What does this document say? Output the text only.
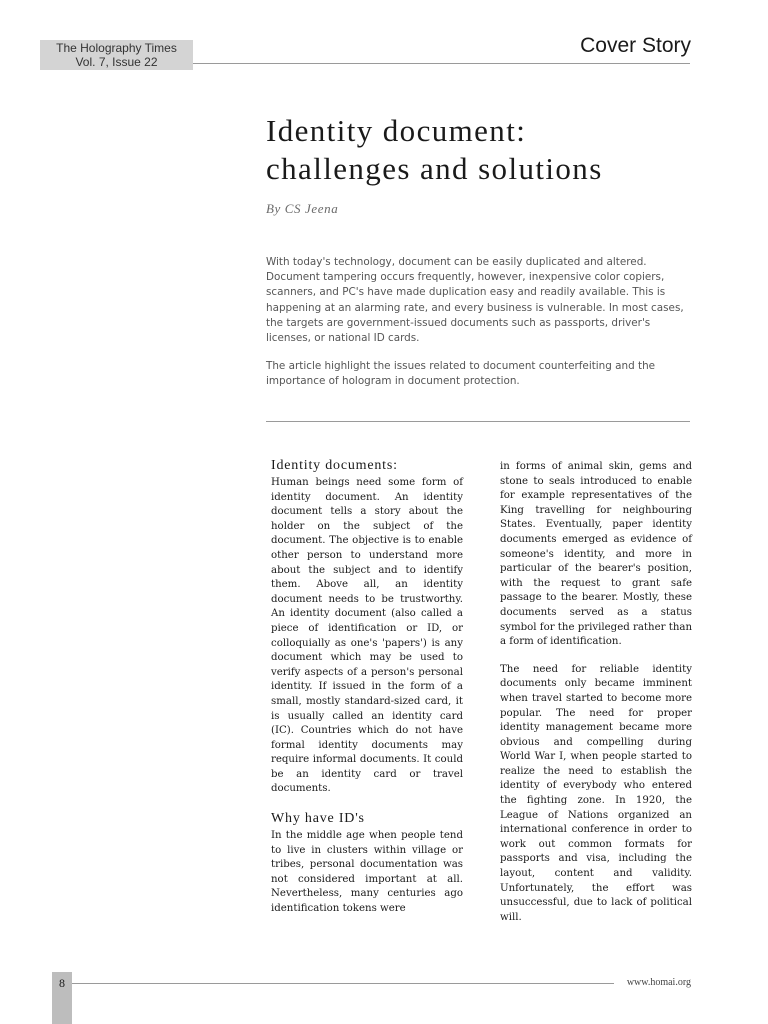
The Holography Times
Vol. 7, Issue 22
Cover Story
Identity document:
challenges and solutions
By CS Jeena

With today's technology, document can be easily duplicated and altered. Document tampering occurs frequently, however, inexpensive color copiers, scanners, and PC's have made duplication easy and readily available. This is happening at an alarming rate, and every business is vulnerable. In most cases, the targets are government-issued documents such as passports, driver's licenses, or national ID cards.

The article highlight the issues related to document counterfeiting and the importance of hologram in document protection.

Identity documents:

Human beings need some form of identity document. An identity document tells a story about the holder on the subject of the document. The objective is to enable other person to understand more about the subject and to identify them. Above all, an identity document needs to be trustworthy. An identity document (also called a piece of identification or ID, or colloquially as one's 'papers') is any document which may be used to verify aspects of a person's personal identity. If issued in the form of a small, mostly standard-sized card, it is usually called an identity card (IC). Countries which do not have formal identity documents may require informal documents. It could be an identity card or travel documents.

Why have ID's

In the middle age when people tend to live in clusters within village or tribes, personal documentation was not considered important at all. Nevertheless, many centuries ago identification tokens were

in forms of animal skin, gems and stone to seals introduced to enable for example representatives of the King travelling for neighbouring States. Eventually, paper identity documents emerged as evidence of someone's identity, and more in particular of the bearer's position, with the request to grant safe passage to the bearer. Mostly, these documents served as a status symbol for the privileged rather than a form of identification.

The need for reliable identity documents only became imminent when travel started to become more popular. The need for proper identity management became more obvious and compelling during World War I, when people started to realize the need to establish the identity of everybody who entered the fighting zone. In 1920, the League of Nations organized an international conference in order to work out common formats for passports and visa, including the layout, content and validity. Unfortunately, the effort was unsuccessful, due to lack of political will.

8	www.homai.org
